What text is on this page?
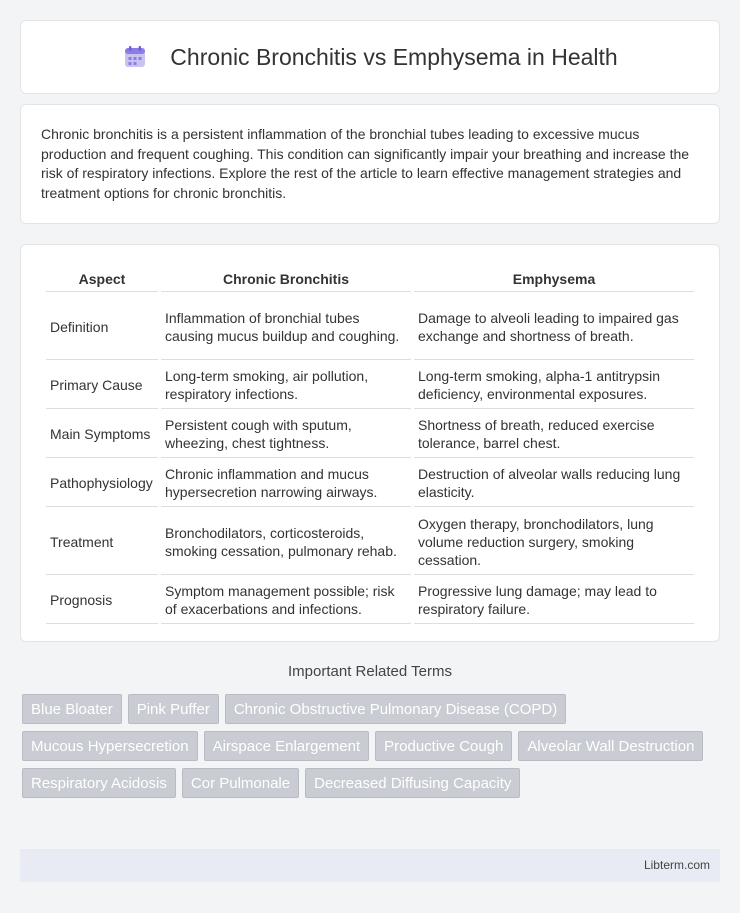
Chronic Bronchitis vs Emphysema in Health

Chronic bronchitis is a persistent inflammation of the bronchial tubes leading to excessive mucus production and frequent coughing. This condition can significantly impair your breathing and increase the risk of respiratory infections. Explore the rest of the article to learn effective management strategies and treatment options for chronic bronchitis.

Aspect	Chronic Bronchitis	Emphysema
Definition	Inflammation of bronchial tubes causing mucus buildup and coughing.	Damage to alveoli leading to impaired gas exchange and shortness of breath.
Primary Cause	Long-term smoking, air pollution, respiratory infections.	Long-term smoking, alpha-1 antitrypsin deficiency, environmental exposures.
Main Symptoms	Persistent cough with sputum, wheezing, chest tightness.	Shortness of breath, reduced exercise tolerance, barrel chest.
Pathophysiology	Chronic inflammation and mucus hypersecretion narrowing airways.	Destruction of alveolar walls reducing lung elasticity.
Treatment	Bronchodilators, corticosteroids, smoking cessation, pulmonary rehab.	Oxygen therapy, bronchodilators, lung volume reduction surgery, smoking cessation.
Prognosis	Symptom management possible; risk of exacerbations and infections.	Progressive lung damage; may lead to respiratory failure.
Important Related Terms
Blue Bloater	Pink Puffer	Chronic Obstructive Pulmonary Disease (COPD)
Mucous Hypersecretion	Airspace Enlargement	Productive Cough	Alveolar Wall Destruction
Respiratory Acidosis	Cor Pulmonale	Decreased Diffusing Capacity
Libterm.com
